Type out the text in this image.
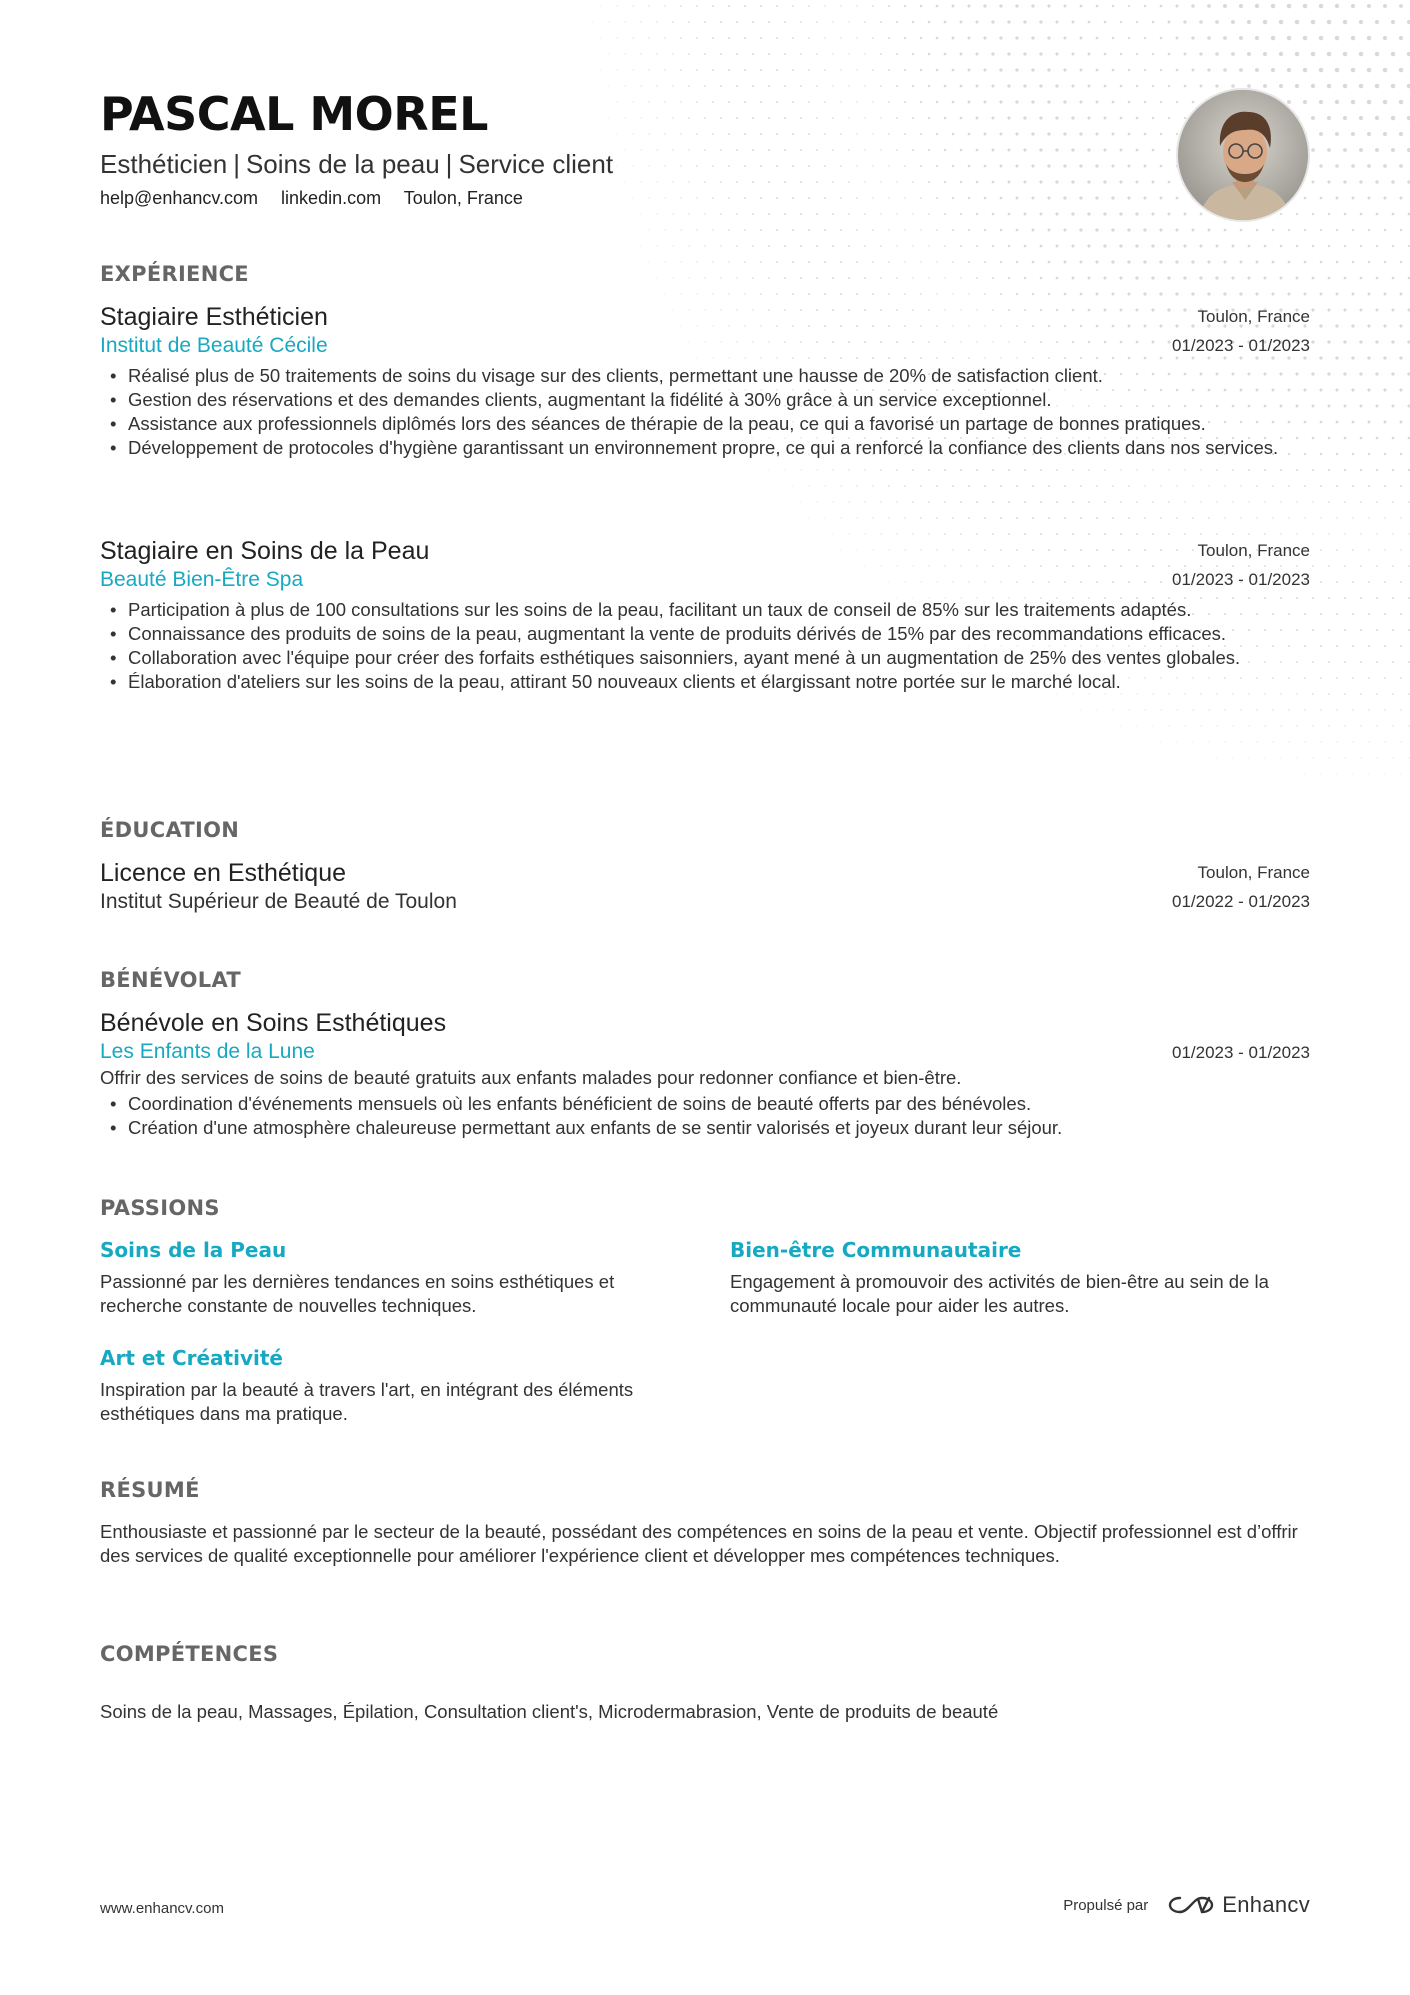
PASCAL MOREL
Esthéticien | Soins de la peau | Service client
help@enhancv.com linkedin.com Toulon, France
EXPÉRIENCE
Toulon, France
01/2023 - 01/2023
Stagiaire Esthéticien
Institut de Beauté Cécile
• Réalisé plus de 50 traitements de soins du visage sur des clients, permettant une hausse de 20% de satisfaction client.
• Gestion des réservations et des demandes clients, augmentant la fidélité à 30% grâce à un service exceptionnel.
• Assistance aux professionnels diplômés lors des séances de thérapie de la peau, ce qui a favorisé un partage de bonnes pratiques.
• Développement de protocoles d'hygiène garantissant un environnement propre, ce qui a renforcé la confiance des clients dans nos services.
Toulon, France
01/2023 - 01/2023
Stagiaire en Soins de la Peau
Beauté Bien-Être Spa
• Participation à plus de 100 consultations sur les soins de la peau, facilitant un taux de conseil de 85% sur les traitements adaptés.
• Connaissance des produits de soins de la peau, augmentant la vente de produits dérivés de 15% par des recommandations efficaces.
• Collaboration avec l'équipe pour créer des forfaits esthétiques saisonniers, ayant mené à un augmentation de 25% des ventes globales.
• Élaboration d'ateliers sur les soins de la peau, attirant 50 nouveaux clients et élargissant notre portée sur le marché local.
ÉDUCATION
Toulon, France
01/2022 - 01/2023
Licence en Esthétique
Institut Supérieur de Beauté de Toulon
BÉNÉVOLAT
01/2023 - 01/2023
Bénévole en Soins Esthétiques
Les Enfants de la Lune
Offrir des services de soins de beauté gratuits aux enfants malades pour redonner confiance et bien-être.
• Coordination d'événements mensuels où les enfants bénéficient de soins de beauté offerts par des bénévoles.
• Création d'une atmosphère chaleureuse permettant aux enfants de se sentir valorisés et joyeux durant leur séjour.
PASSIONS
Soins de la Peau
Passionné par les dernières tendances en soins esthétiques et recherche constante de nouvelles techniques.
Bien-être Communautaire
Engagement à promouvoir des activités de bien-être au sein de la communauté locale pour aider les autres.
Art et Créativité
Inspiration par la beauté à travers l'art, en intégrant des éléments esthétiques dans ma pratique.
RÉSUMÉ
Enthousiaste et passionné par le secteur de la beauté, possédant des compétences en soins de la peau et vente. Objectif professionnel est d’offrir des services de qualité exceptionnelle pour améliorer l'expérience client et développer mes compétences techniques.
COMPÉTENCES
Soins de la peau, Massages, Épilation, Consultation client's, Microdermabrasion, Vente de produits de beauté
www.enhancv.com	Propulsé par	Enhancv
